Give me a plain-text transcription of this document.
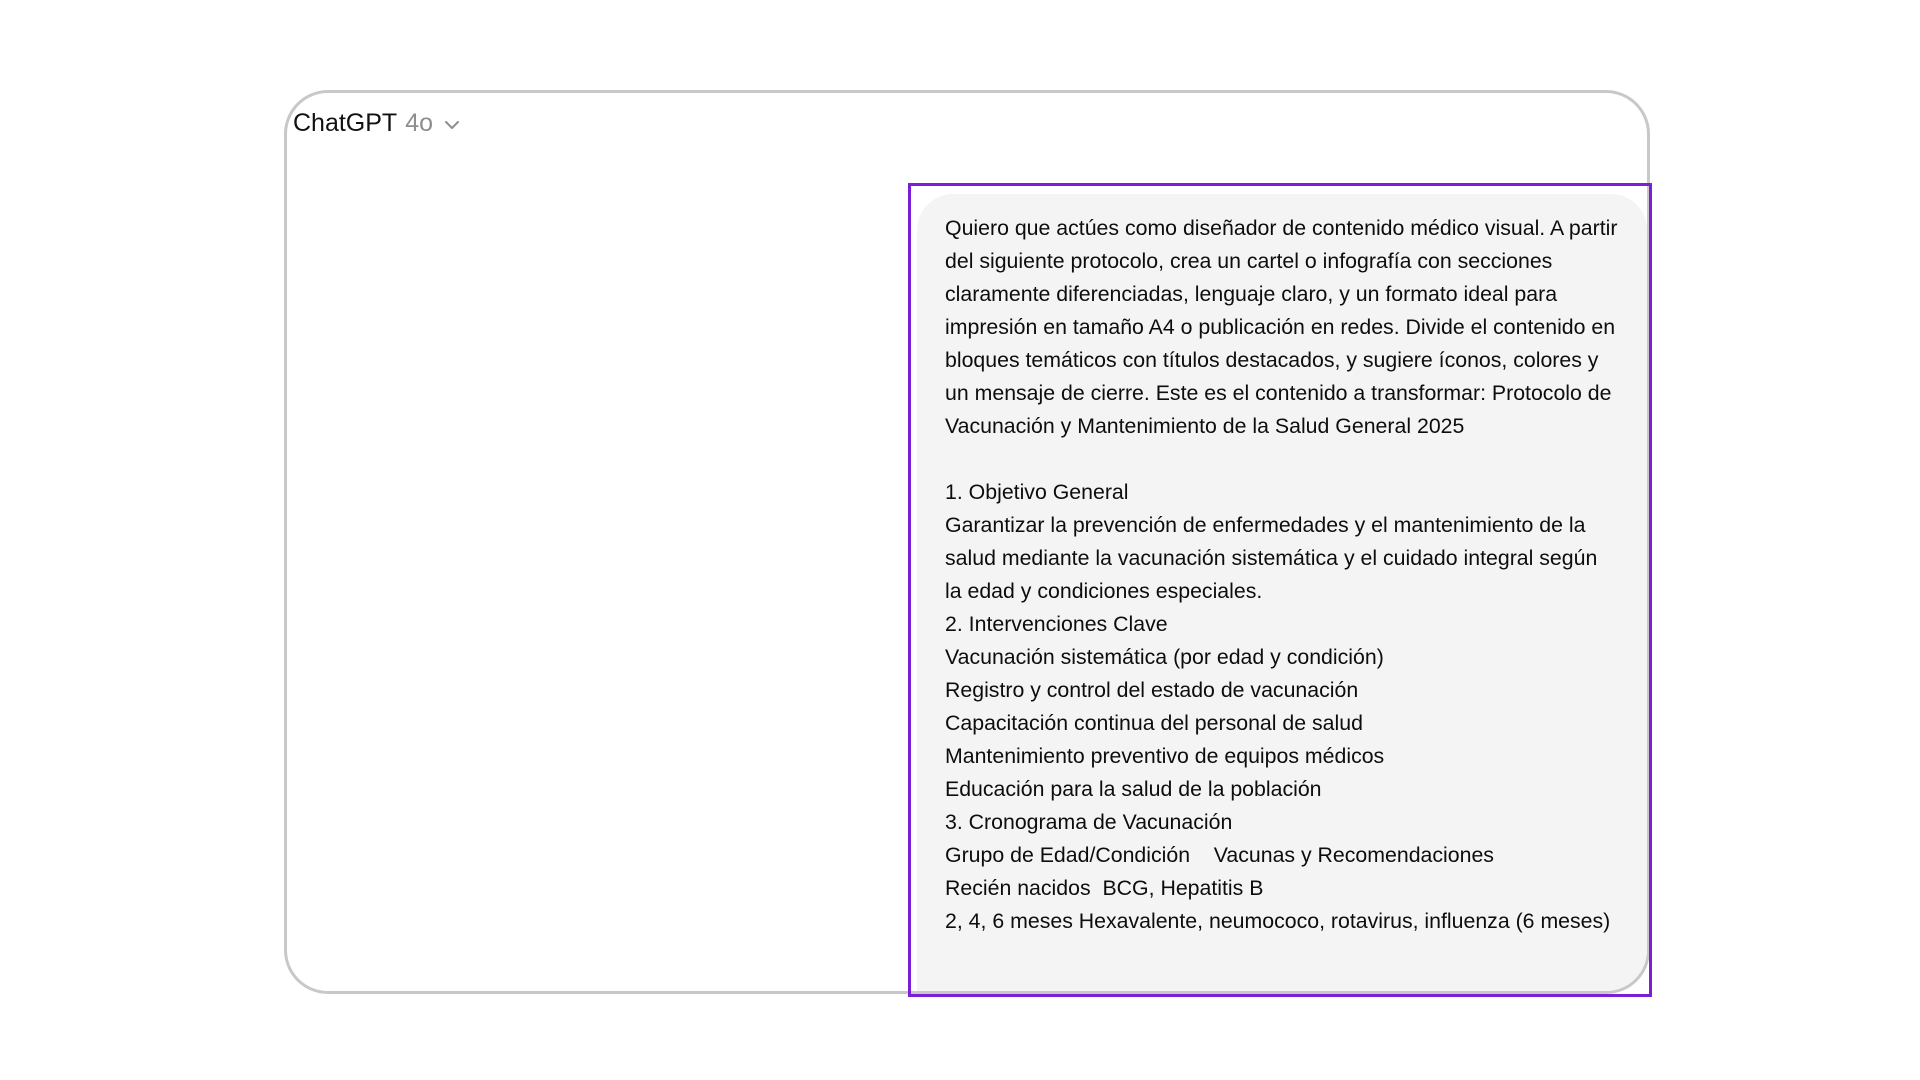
ChatGPT 4o

Quiero que actúes como diseñador de contenido médico visual. A partir del siguiente protocolo, crea un cartel o infografía con secciones claramente diferenciadas, lenguaje claro, y un formato ideal para impresión en tamaño A4 o publicación en redes. Divide el contenido en bloques temáticos con títulos destacados, y sugiere íconos, colores y un mensaje de cierre. Este es el contenido a transformar: Protocolo de Vacunación y Mantenimiento de la Salud General 2025

1. Objetivo General

Garantizar la prevención de enfermedades y el mantenimiento de la salud mediante la vacunación sistemática y el cuidado integral según la edad y condiciones especiales.

2. Intervenciones Clave

Vacunación sistemática (por edad y condición)

Registro y control del estado de vacunación

Capacitación continua del personal de salud

Mantenimiento preventivo de equipos médicos

Educación para la salud de la población

3. Cronograma de Vacunación

Grupo de Edad/Condición Vacunas y Recomendaciones

Recién nacidos BCG, Hepatitis B

2, 4, 6 meses Hexavalente, neumococo, rotavirus, influenza (6 meses)
